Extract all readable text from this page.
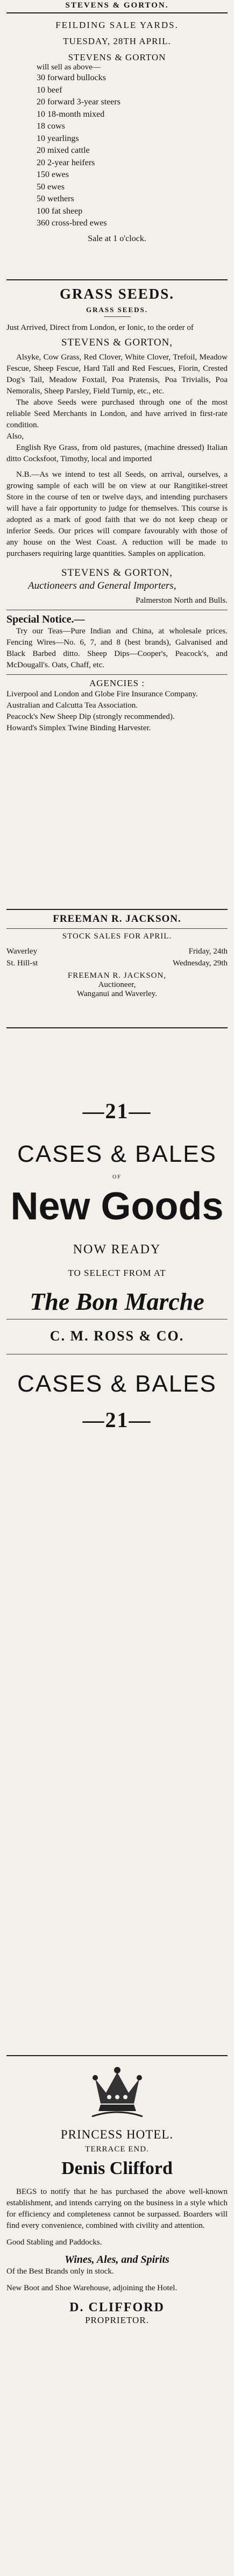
STEVENS & GORTON.

FEILDING SALE YARDS.

TUESDAY, 28TH APRIL.

STEVENS & GORTON

will sell as above—

30 forward bullocks

10 beef

20 forward 3-year steers

10 18-month mixed

18 cows

10 yearlings

20 mixed cattle

20 2-year heifers

150 ewes

50 ewes

50 wethers

100 fat sheep

360 cross-bred ewes

Sale at 1 o'clock.

GRASS SEEDS.

GRASS SEEDS.

Just Arrived, Direct from London, er Ionic, to the order of

STEVENS & GORTON,

Alsyke, Cow Grass, Red Clover, White Clover, Trefoil, Meadow Fescue, Sheep Fescue, Hard Tall and Red Fescues, Fiorin, Crested Dog's Tail, Meadow Foxtail, Poa Pratensis, Poa Trivialis, Poa Nemoralis, Sheep Parsley, Field Turnip, etc., etc.

The above Seeds were purchased through one of the most reliable Seed Merchants in London, and have arrived in first-rate condition.

Also,

English Rye Grass, from old pastures, (machine dressed) Italian ditto Cocksfoot, Timothy, local and imported

N.B.—As we intend to test all Seeds, on arrival, ourselves, a growing sample of each will be on view at our Rangitikei-street Store in the course of ten or twelve days, and intending purchasers will have a fair opportunity to judge for themselves. This course is adopted as a mark of good faith that we do not keep cheap or inferior Seeds. Our prices will compare favourably with those of any house on the West Coast. A reduction will be made to purchasers requiring large quantities. Samples on application.

STEVENS & GORTON,

Auctioneers and General Importers,

Palmerston North and Bulls.

Special Notice.—

Try our Teas—Pure Indian and China, at wholesale prices. Fencing Wires—No. 6, 7, and 8 (best brands), Galvanised and Black Barbed ditto. Sheep Dips—Cooper's, Peacock's, and McDougall's. Oats, Chaff, etc.

AGENCIES :

Liverpool and London and Globe Fire Insurance Company.

Australian and Calcutta Tea Association.

Peacock's New Sheep Dip (strongly recommended).

Howard's Simplex Twine Binding Harvester.

FREEMAN R. JACKSON.

STOCK SALES FOR APRIL.

Waverley	Friday, 24th
St. Hill-st	Wednesday, 29th

FREEMAN R. JACKSON,

Auctioneer,

Wanganui and Waverley.

—21—

CASES & BALES

OF

New Goods

NOW READY

TO SELECT FROM AT

The Bon Marche

C. M. ROSS & CO.

CASES & BALES

—21—

PRINCESS HOTEL.

TERRACE END.

Denis Clifford

BEGS to notify that he has purchased the above well-known establishment, and intends carrying on the business in a style which for efficiency and completeness cannot be surpassed. Boarders will find every convenience, combined with civility and attention.

Good Stabling and Paddocks.

Wines, Ales, and Spirits

Of the Best Brands only in stock.

New Boot and Shoe Warehouse, adjoining the Hotel.

D. CLIFFORD

PROPRIETOR.
